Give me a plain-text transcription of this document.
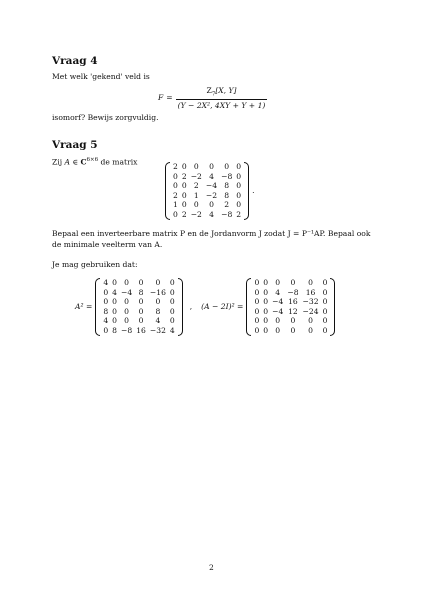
Vraag 4
Met welk 'gekend' veld is
$F = \frac{Z_7[X, Y]}{\text{(Y − 2X², 4XY + Y + 1)}}$
isomorf? Bewijs zorgvuldig.
Vraag 5
Zij A ∈ $C^{6\times 6}$ de matrix	2	0	0	0	0	0
0	2	−2	4	−8	0
0	0	2	−4	8	0
2	0	1	−2	8	0
1	0	0	0	2	0
0	2	−2	4	−8	2
.
Bepaal een inverteerbare matrix P en de Jordanvorm J zodat J = P⁻¹AP. Bepaal ook
de minimale veelterm van A.
Je mag gebruiken dat:
A² =
4	0	0	0	0	0
0	4	−4	8	−16	0
0	0	0	0	0	0
8	0	0	0	8	0
4	0	0	0	4	0
0	8	−8	16	−32	4
,	(A − 2I)² =
0	0	0	0	0	0
0	0	4	−8	16	0
0	0	−4	16	−32	0
0	0	−4	12	−24	0
0	0	0	0	0	0
0	0	0	0	0	0
2
